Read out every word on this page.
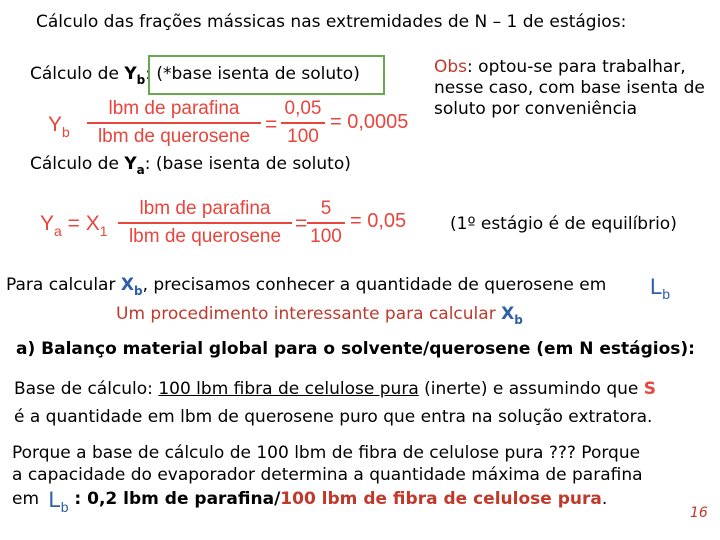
Cálculo das frações mássicas nas extremidades de N – 1 de estágios:
Cálculo de $Y_b$: (*base isenta de soluto)
$Y_b$
lbm de parafina
lbm de querosene
=
0,05
100
= 0,0005
Obs: optou-se para trabalhar,
nesse caso, com base isenta de
soluto por conveniência
Cálculo de $Y_a$: (base isenta de soluto)
$Y_a = X_1$
lbm de parafina
lbm de querosene
=
5
100
= 0,05	(1º estágio é de equilíbrio)
Para calcular $X_b$, precisamos conhecer a quantidade de querosene em $L_b$
Um procedimento interessante para calcular $X_b$
a) Balanço material global para o solvente/querosene (em N estágios):
Base de cálculo: 100 lbm fibra de celulose pura (inerte) e assumindo que S
é a quantidade em lbm de querosene puro que entra na solução extratora.
Porque a base de cálculo de 100 lbm de fibra de celulose pura ??? Porque
a capacidade do evaporador determina a quantidade máxima de parafina
em $L_b$ : 0,2 lbm de parafina/100 lbm de fibra de celulose pura.
16
